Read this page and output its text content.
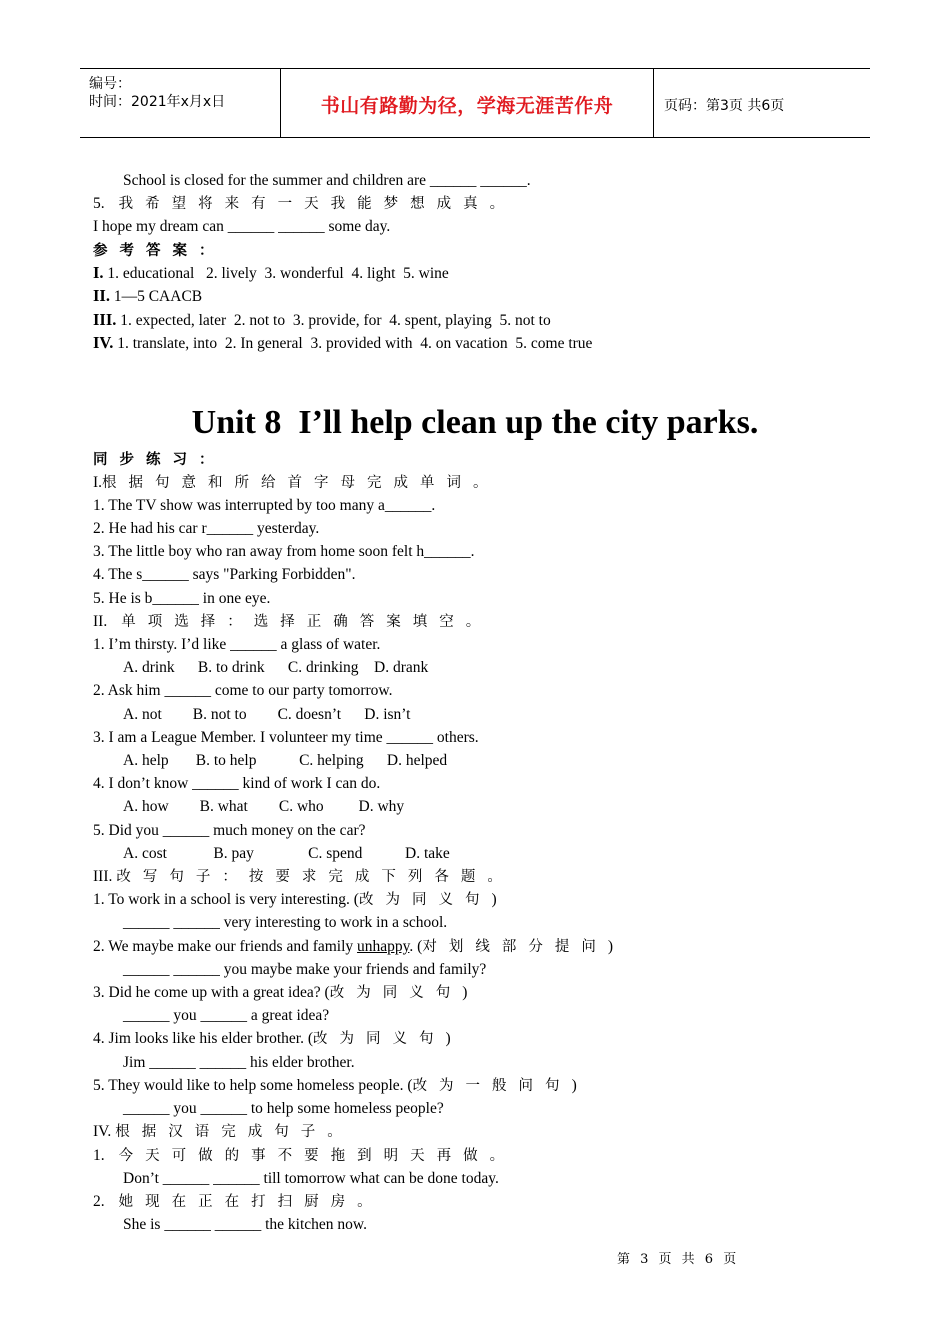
编号：
时间：2021年x月x日	书山有路勤为径，学海无涯苦作舟	页码：第3页 共6页
School is closed for the summer and children are ______ ______.
5. 我希望将来有一天我能梦想成真。
I hope my dream can ______ ______ some day.
参考答案：
I. 1. educational   2. lively  3. wonderful  4. light  5. wine
II. 1—5 CAACB
III. 1. expected, later  2. not to  3. provide, for  4. spent, playing  5. not to
IV. 1. translate, into  2. In general  3. provided with  4. on vacation  5. come true
Unit 8  I’ll help clean up the city parks.
同步练习：
I.根据句意和所给首字母完成单词。
1. The TV show was interrupted by too many a______.
2. He had his car r______ yesterday.
3. The little boy who ran away from home soon felt h______.
4. The s______ says "Parking Forbidden".
5. He is b______ in one eye.
II. 单项选择：选择正确答案填空。
1. I’m thirsty. I’d like ______ a glass of water.
A. drink      B. to drink      C. drinking    D. drank
2. Ask him ______ come to our party tomorrow.
A. not        B. not to        C. doesn’t      D. isn’t
3. I am a League Member. I volunteer my time ______ others.
A. help       B. to help           C. helping      D. helped
4. I don’t know ______ kind of work I can do.
A. how        B. what        C. who         D. why
5. Did you ______ much money on the car?
A. cost            B. pay              C. spend           D. take
III. 改写句子：按要求完成下列各题。
1. To work in a school is very interesting. (改为同义句)
______ ______ very interesting to work in a school.
2. We maybe make our friends and family unhappy. (对划线部分提问)
______ ______ you maybe make your friends and family?
3. Did he come up with a great idea? (改为同义句)
______ you ______ a great idea?
4. Jim looks like his elder brother. (改为同义句)
Jim ______ ______ his elder brother.
5. They would like to help some homeless people. (改为一般问句)
______ you ______ to help some homeless people?
IV. 根据汉语完成句子。
1. 今天可做的事不要拖到明天再做。
Don’t ______ ______ till tomorrow what can be done today.
2. 她现在正在打扫厨房。
She is ______ ______ the kitchen now.
第 3 页 共 6 页
